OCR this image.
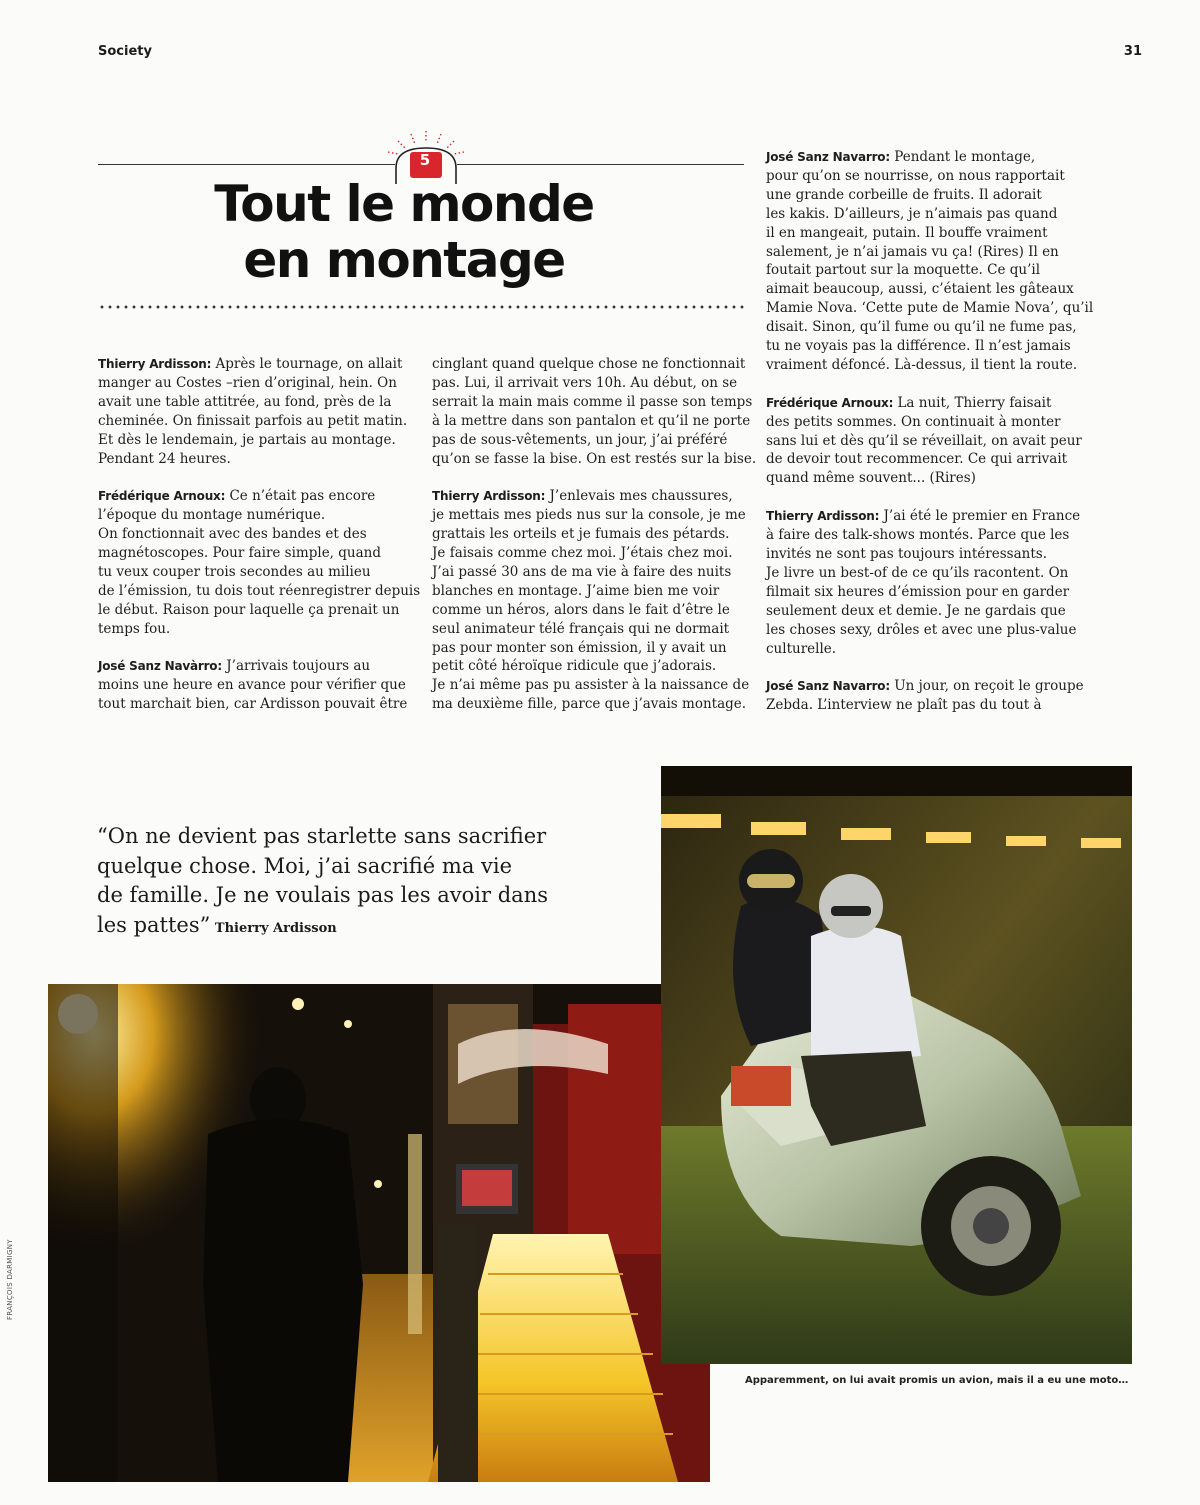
Society	31
5
Tout le monde
en montage

Thierry Ardisson: Après le tournage, on allait
manger au Costes –rien d’original, hein. On
avait une table attitrée, au fond, près de la
cheminée. On finissait parfois au petit matin.
Et dès le lendemain, je partais au montage.
Pendant 24 heures.

Frédérique Arnoux: Ce n’était pas encore
l’époque du montage numérique.
On fonctionnait avec des bandes et des
magnétoscopes. Pour faire simple, quand
tu veux couper trois secondes au milieu
de l’émission, tu dois tout réenregistrer depuis
le début. Raison pour laquelle ça prenait un
temps fou.

José Sanz Navàrro: J’arrivais toujours au
moins une heure en avance pour vérifier que
tout marchait bien, car Ardisson pouvait être

cinglant quand quelque chose ne fonctionnait
pas. Lui, il arrivait vers 10h. Au début, on se
serrait la main mais comme il passe son temps
à la mettre dans son pantalon et qu’il ne porte
pas de sous-vêtements, un jour, j’ai préféré
qu’on se fasse la bise. On est restés sur la bise.

Thierry Ardisson: J’enlevais mes chaussures,
je mettais mes pieds nus sur la console, je me
grattais les orteils et je fumais des pétards.
Je faisais comme chez moi. J’étais chez moi.
J’ai passé 30 ans de ma vie à faire des nuits
blanches en montage. J’aime bien me voir
comme un héros, alors dans le fait d’être le
seul animateur télé français qui ne dormait
pas pour monter son émission, il y avait un
petit côté héroïque ridicule que j’adorais.
Je n’ai même pas pu assister à la naissance de
ma deuxième fille, parce que j’avais montage.

José Sanz Navarro: Pendant le montage,
pour qu’on se nourrisse, on nous rapportait
une grande corbeille de fruits. Il adorait
les kakis. D’ailleurs, je n’aimais pas quand
il en mangeait, putain. Il bouffe vraiment
salement, je n’ai jamais vu ça! (Rires) Il en
foutait partout sur la moquette. Ce qu’il
aimait beaucoup, aussi, c’étaient les gâteaux
Mamie Nova. ‘Cette pute de Mamie Nova’, qu’il
disait. Sinon, qu’il fume ou qu’il ne fume pas,
tu ne voyais pas la différence. Il n’est jamais
vraiment défoncé. Là-dessus, il tient la route.

Frédérique Arnoux: La nuit, Thierry faisait
des petits sommes. On continuait à monter
sans lui et dès qu’il se réveillait, on avait peur
de devoir tout recommencer. Ce qui arrivait
quand même souvent... (Rires)

Thierry Ardisson: J’ai été le premier en France
à faire des talk-shows montés. Parce que les
invités ne sont pas toujours intéressants.
Je livre un best-of de ce qu’ils racontent. On
filmait six heures d’émission pour en garder
seulement deux et demie. Je ne gardais que
les choses sexy, drôles et avec une plus-value
culturelle.

José Sanz Navarro: Un jour, on reçoit le groupe
Zebda. L’interview ne plaît pas du tout à

“On ne devient pas starlette sans sacrifier
quelque chose. Moi, j’ai sacrifié ma vie
de famille. Je ne voulais pas les avoir dans
les pattes” Thierry Ardisson
FRANÇOIS DARMIGNY
Apparemment, on lui avait promis un avion, mais il a eu une moto…
